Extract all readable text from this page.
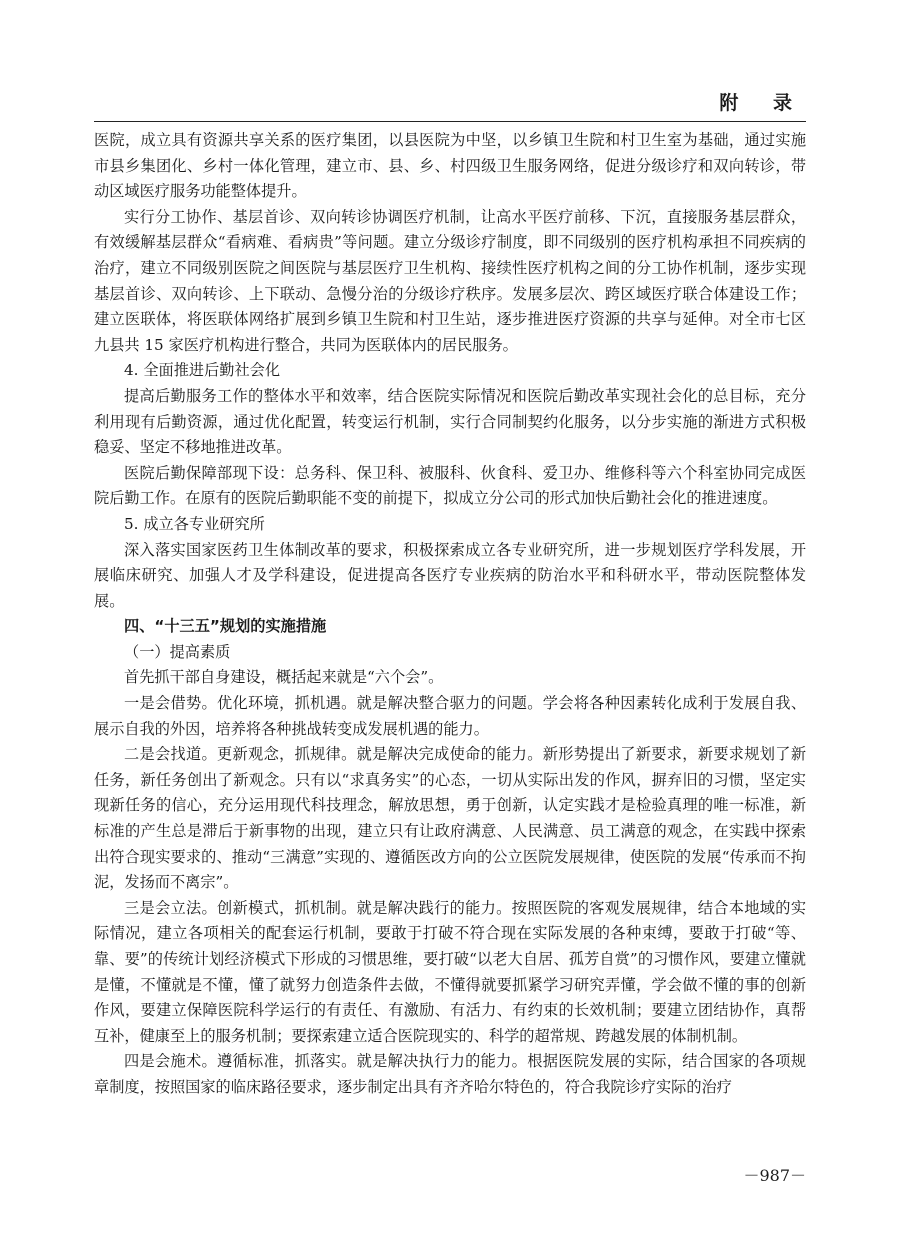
附 录

医院，成立具有资源共享关系的医疗集团，以县医院为中坚，以乡镇卫生院和村卫生室为基础，通过实施市县乡集团化、乡村一体化管理，建立市、县、乡、村四级卫生服务网络，促进分级诊疗和双向转诊，带动区域医疗服务功能整体提升。

实行分工协作、基层首诊、双向转诊协调医疗机制，让高水平医疗前移、下沉，直接服务基层群众，有效缓解基层群众“看病难、看病贵”等问题。建立分级诊疗制度，即不同级别的医疗机构承担不同疾病的治疗，建立不同级别医院之间医院与基层医疗卫生机构、接续性医疗机构之间的分工协作机制，逐步实现基层首诊、双向转诊、上下联动、急慢分治的分级诊疗秩序。发展多层次、跨区域医疗联合体建设工作；建立医联体，将医联体网络扩展到乡镇卫生院和村卫生站，逐步推进医疗资源的共享与延伸。对全市七区九县共 15 家医疗机构进行整合，共同为医联体内的居民服务。

4. 全面推进后勤社会化

提高后勤服务工作的整体水平和效率，结合医院实际情况和医院后勤改革实现社会化的总目标，充分利用现有后勤资源，通过优化配置，转变运行机制，实行合同制契约化服务，以分步实施的渐进方式积极稳妥、坚定不移地推进改革。

医院后勤保障部现下设：总务科、保卫科、被服科、伙食科、爱卫办、维修科等六个科室协同完成医院后勤工作。在原有的医院后勤职能不变的前提下，拟成立分公司的形式加快后勤社会化的推进速度。

5. 成立各专业研究所

深入落实国家医药卫生体制改革的要求，积极探索成立各专业研究所，进一步规划医疗学科发展，开展临床研究、加强人才及学科建设，促进提高各医疗专业疾病的防治水平和科研水平，带动医院整体发展。

四、“十三五”规划的实施措施

（一）提高素质

首先抓干部自身建设，概括起来就是“六个会”。

一是会借势。优化环境，抓机遇。就是解决整合驱力的问题。学会将各种因素转化成利于发展自我、展示自我的外因，培养将各种挑战转变成发展机遇的能力。

二是会找道。更新观念，抓规律。就是解决完成使命的能力。新形势提出了新要求，新要求规划了新任务，新任务创出了新观念。只有以“求真务实”的心态，一切从实际出发的作风，摒弃旧的习惯，坚定实现新任务的信心，充分运用现代科技理念，解放思想，勇于创新，认定实践才是检验真理的唯一标准，新标准的产生总是滞后于新事物的出现，建立只有让政府满意、人民满意、员工满意的观念，在实践中探索出符合现实要求的、推动“三满意”实现的、遵循医改方向的公立医院发展规律，使医院的发展“传承而不拘泥，发扬而不离宗”。

三是会立法。创新模式，抓机制。就是解决践行的能力。按照医院的客观发展规律，结合本地域的实际情况，建立各项相关的配套运行机制，要敢于打破不符合现在实际发展的各种束缚，要敢于打破“等、靠、要”的传统计划经济模式下形成的习惯思维，要打破“以老大自居、孤芳自赏”的习惯作风，要建立懂就是懂，不懂就是不懂，懂了就努力创造条件去做，不懂得就要抓紧学习研究弄懂，学会做不懂的事的创新作风，要建立保障医院科学运行的有责任、有激励、有活力、有约束的长效机制；要建立团结协作，真帮互补，健康至上的服务机制；要探索建立适合医院现实的、科学的超常规、跨越发展的体制机制。

四是会施术。遵循标准，抓落实。就是解决执行力的能力。根据医院发展的实际，结合国家的各项规章制度，按照国家的临床路径要求，逐步制定出具有齐齐哈尔特色的，符合我院诊疗实际的治疗

－987－
